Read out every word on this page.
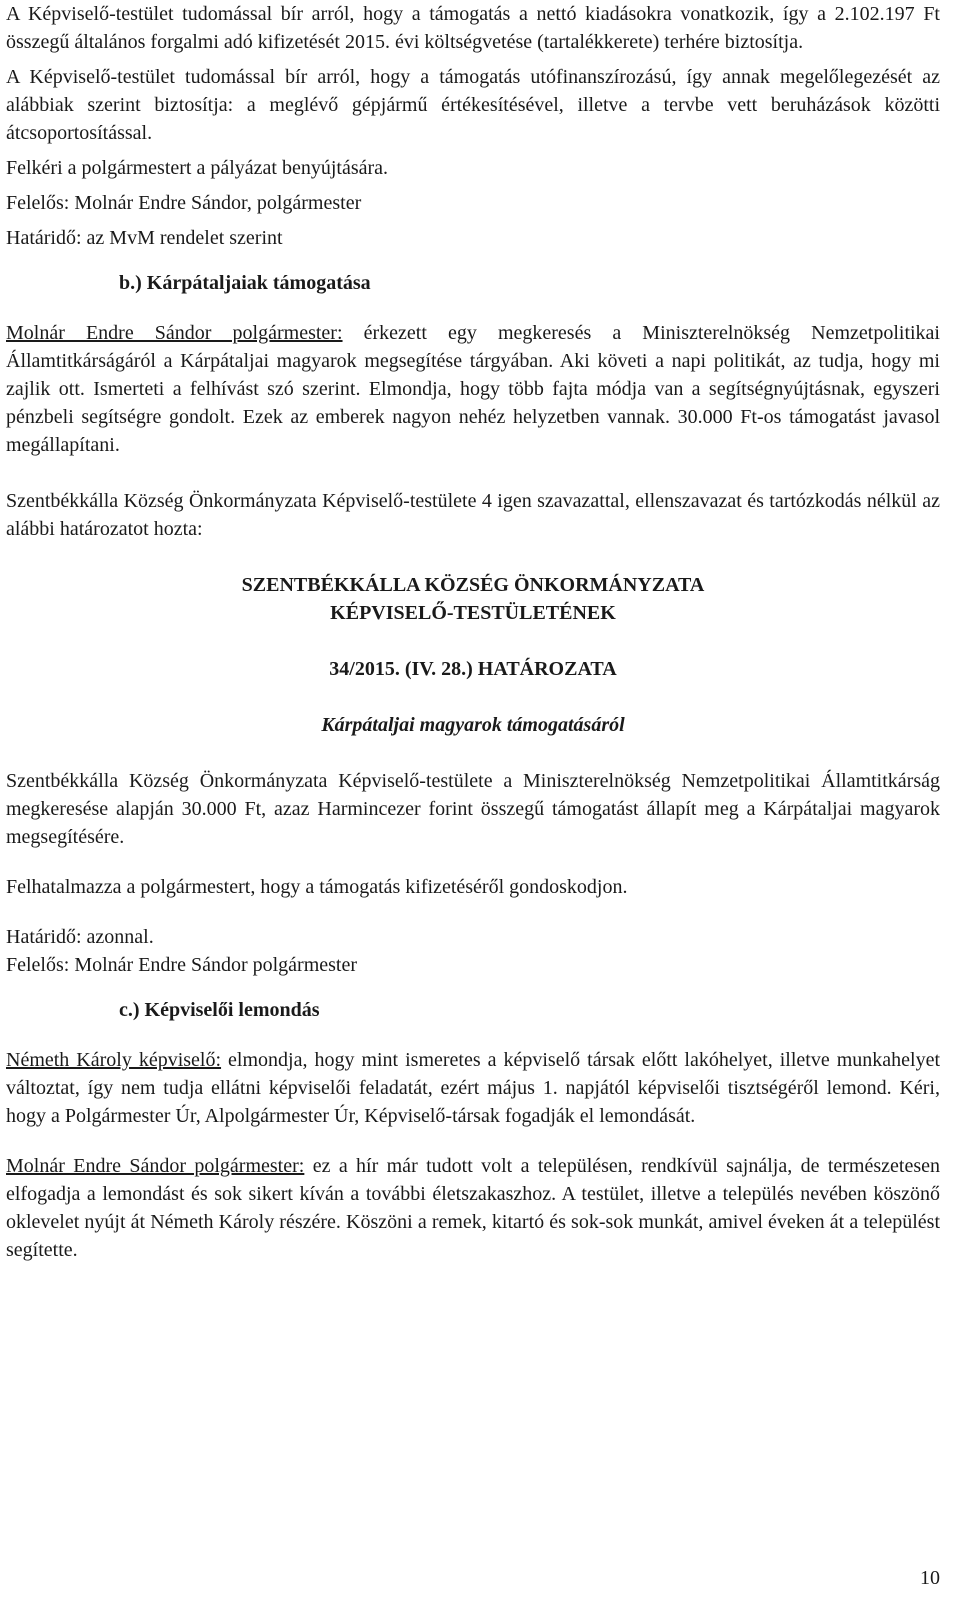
A Képviselő-testület tudomással bír arról, hogy a támogatás a nettó kiadásokra vonatkozik, így a 2.102.197 Ft összegű általános forgalmi adó kifizetését 2015. évi költségvetése (tartalékkerete) terhére biztosítja.

A Képviselő-testület tudomással bír arról, hogy a támogatás utófinanszírozású, így annak megelőlegezését az alábbiak szerint biztosítja: a meglévő gépjármű értékesítésével, illetve a tervbe vett beruházások közötti átcsoportosítással.

Felkéri a polgármestert a pályázat benyújtására.

Felelős: Molnár Endre Sándor, polgármester

Határidő: az MvM rendelet szerint

b.) Kárpátaljaiak támogatása

Molnár Endre Sándor polgármester: érkezett egy megkeresés a Miniszterelnökség Nemzetpolitikai Államtitkárságáról a Kárpátaljai magyarok megsegítése tárgyában. Aki követi a napi politikát, az tudja, hogy mi zajlik ott. Ismerteti a felhívást szó szerint. Elmondja, hogy több fajta módja van a segítségnyújtásnak, egyszeri pénzbeli segítségre gondolt. Ezek az emberek nagyon nehéz helyzetben vannak. 30.000 Ft-os támogatást javasol megállapítani.

Szentbékkálla Község Önkormányzata Képviselő-testülete 4 igen szavazattal, ellenszavazat és tartózkodás nélkül az alábbi határozatot hozta:

SZENTBÉKKÁLLA KÖZSÉG ÖNKORMÁNYZATA

KÉPVISELŐ-TESTÜLETÉNEK

34/2015. (IV. 28.) HATÁROZATA

Kárpátaljai magyarok támogatásáról

Szentbékkálla Község Önkormányzata Képviselő-testülete a Miniszterelnökség Nemzetpolitikai Államtitkárság megkeresése alapján 30.000 Ft, azaz Harmincezer forint összegű támogatást állapít meg a Kárpátaljai magyarok megsegítésére.

Felhatalmazza a polgármestert, hogy a támogatás kifizetéséről gondoskodjon.

Határidő: azonnal.

Felelős: Molnár Endre Sándor polgármester

c.) Képviselői lemondás

Németh Károly képviselő: elmondja, hogy mint ismeretes a képviselő társak előtt lakóhelyet, illetve munkahelyet változtat, így nem tudja ellátni képviselői feladatát, ezért május 1. napjától képviselői tisztségéről lemond. Kéri, hogy a Polgármester Úr, Alpolgármester Úr, Képviselő-társak fogadják el lemondását.

Molnár Endre Sándor polgármester: ez a hír már tudott volt a településen, rendkívül sajnálja, de természetesen elfogadja a lemondást és sok sikert kíván a további életszakaszhoz. A testület, illetve a település nevében köszönő oklevelet nyújt át Németh Károly részére. Köszöni a remek, kitartó és sok-sok munkát, amivel éveken át a települést segítette.

10
